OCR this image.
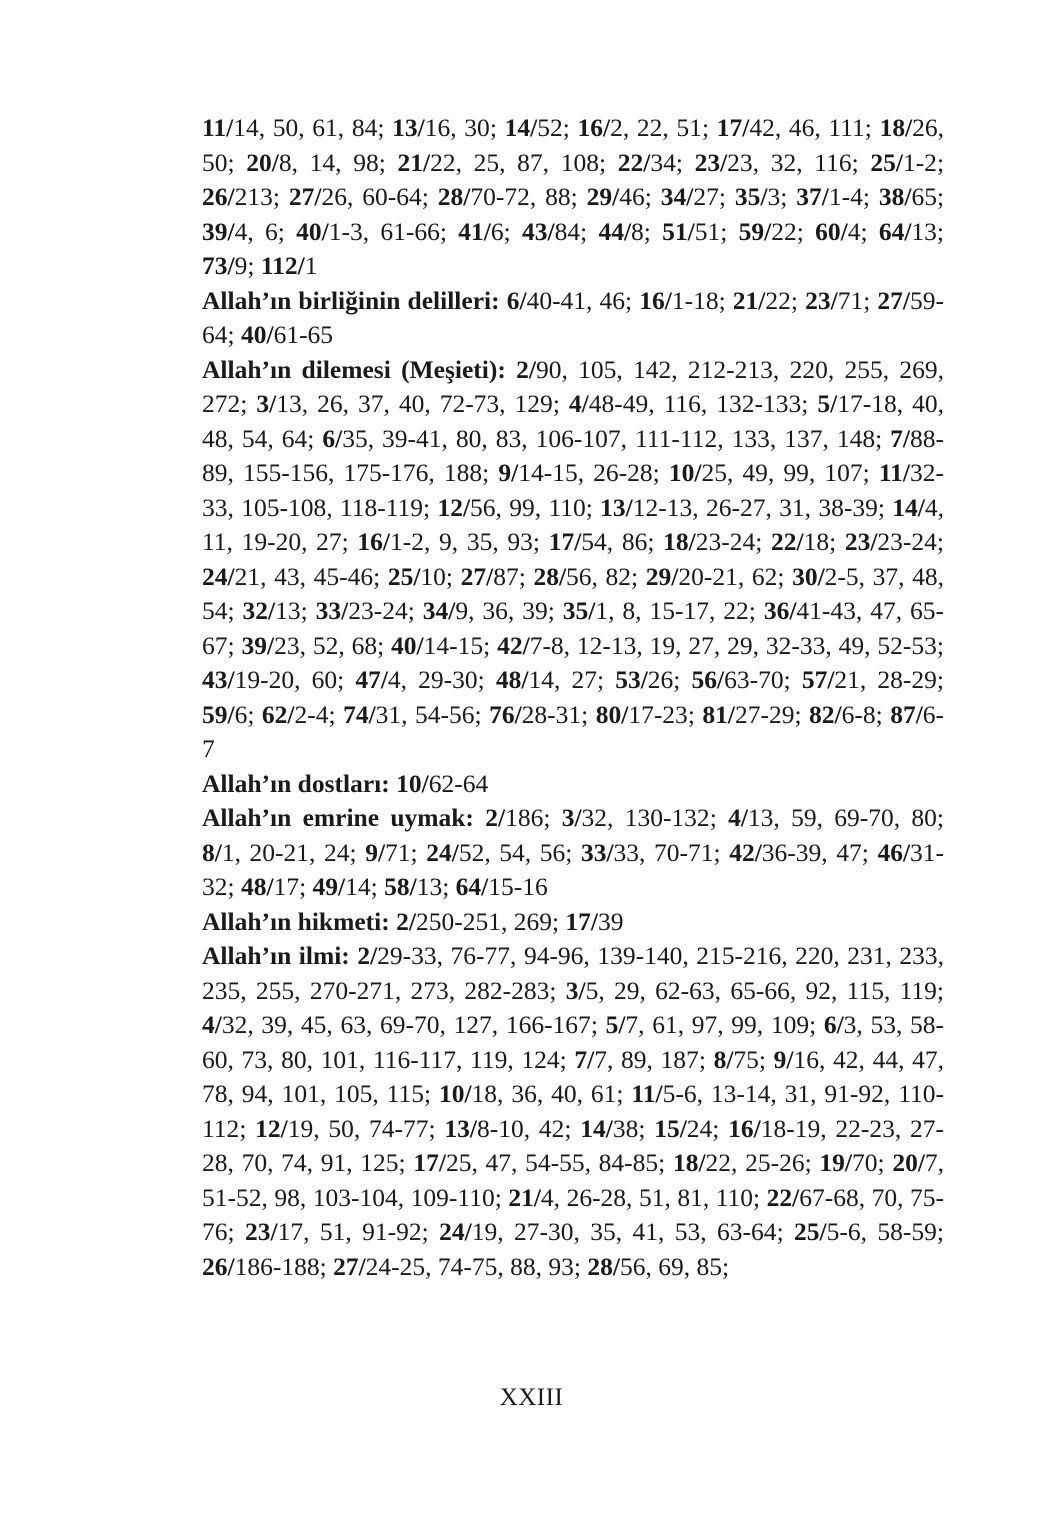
11/14, 50, 61, 84; 13/16, 30; 14/52; 16/2, 22, 51; 17/42, 46, 111; 18/26, 50; 20/8, 14, 98; 21/22, 25, 87, 108; 22/34; 23/23, 32, 116; 25/1-2; 26/213; 27/26, 60-64; 28/70-72, 88; 29/46; 34/27; 35/3; 37/1-4; 38/65; 39/4, 6; 40/1-3, 61-66; 41/6; 43/84; 44/8; 51/51; 59/22; 60/4; 64/13; 73/9; 112/1

Allah’ın birliğinin delilleri: 6/40-41, 46; 16/1-18; 21/22; 23/71; 27/59-64; 40/61-65

Allah’ın dilemesi (Meşieti): 2/90, 105, 142, 212-213, 220, 255, 269, 272; 3/13, 26, 37, 40, 72-73, 129; 4/48-49, 116, 132-133; 5/17-18, 40, 48, 54, 64; 6/35, 39-41, 80, 83, 106-107, 111-112, 133, 137, 148; 7/88-89, 155-156, 175-176, 188; 9/14-15, 26-28; 10/25, 49, 99, 107; 11/32-33, 105-108, 118-119; 12/56, 99, 110; 13/12-13, 26-27, 31, 38-39; 14/4, 11, 19-20, 27; 16/1-2, 9, 35, 93; 17/54, 86; 18/23-24; 22/18; 23/23-24; 24/21, 43, 45-46; 25/10; 27/87; 28/56, 82; 29/20-21, 62; 30/2-5, 37, 48, 54; 32/13; 33/23-24; 34/9, 36, 39; 35/1, 8, 15-17, 22; 36/41-43, 47, 65-67; 39/23, 52, 68; 40/14-15; 42/7-8, 12-13, 19, 27, 29, 32-33, 49, 52-53; 43/19-20, 60; 47/4, 29-30; 48/14, 27; 53/26; 56/63-70; 57/21, 28-29; 59/6; 62/2-4; 74/31, 54-56; 76/28-31; 80/17-23; 81/27-29; 82/6-8; 87/6-7

Allah’ın dostları: 10/62-64

Allah’ın emrine uymak: 2/186; 3/32, 130-132; 4/13, 59, 69-70, 80; 8/1, 20-21, 24; 9/71; 24/52, 54, 56; 33/33, 70-71; 42/36-39, 47; 46/31-32; 48/17; 49/14; 58/13; 64/15-16

Allah’ın hikmeti: 2/250-251, 269; 17/39

Allah’ın ilmi: 2/29-33, 76-77, 94-96, 139-140, 215-216, 220, 231, 233, 235, 255, 270-271, 273, 282-283; 3/5, 29, 62-63, 65-66, 92, 115, 119; 4/32, 39, 45, 63, 69-70, 127, 166-167; 5/7, 61, 97, 99, 109; 6/3, 53, 58-60, 73, 80, 101, 116-117, 119, 124; 7/7, 89, 187; 8/75; 9/16, 42, 44, 47, 78, 94, 101, 105, 115; 10/18, 36, 40, 61; 11/5-6, 13-14, 31, 91-92, 110-112; 12/19, 50, 74-77; 13/8-10, 42; 14/38; 15/24; 16/18-19, 22-23, 27-28, 70, 74, 91, 125; 17/25, 47, 54-55, 84-85; 18/22, 25-26; 19/70; 20/7, 51-52, 98, 103-104, 109-110; 21/4, 26-28, 51, 81, 110; 22/67-68, 70, 75-76; 23/17, 51, 91-92; 24/19, 27-30, 35, 41, 53, 63-64; 25/5-6, 58-59; 26/186-188; 27/24-25, 74-75, 88, 93; 28/56, 69, 85;

XXIII
